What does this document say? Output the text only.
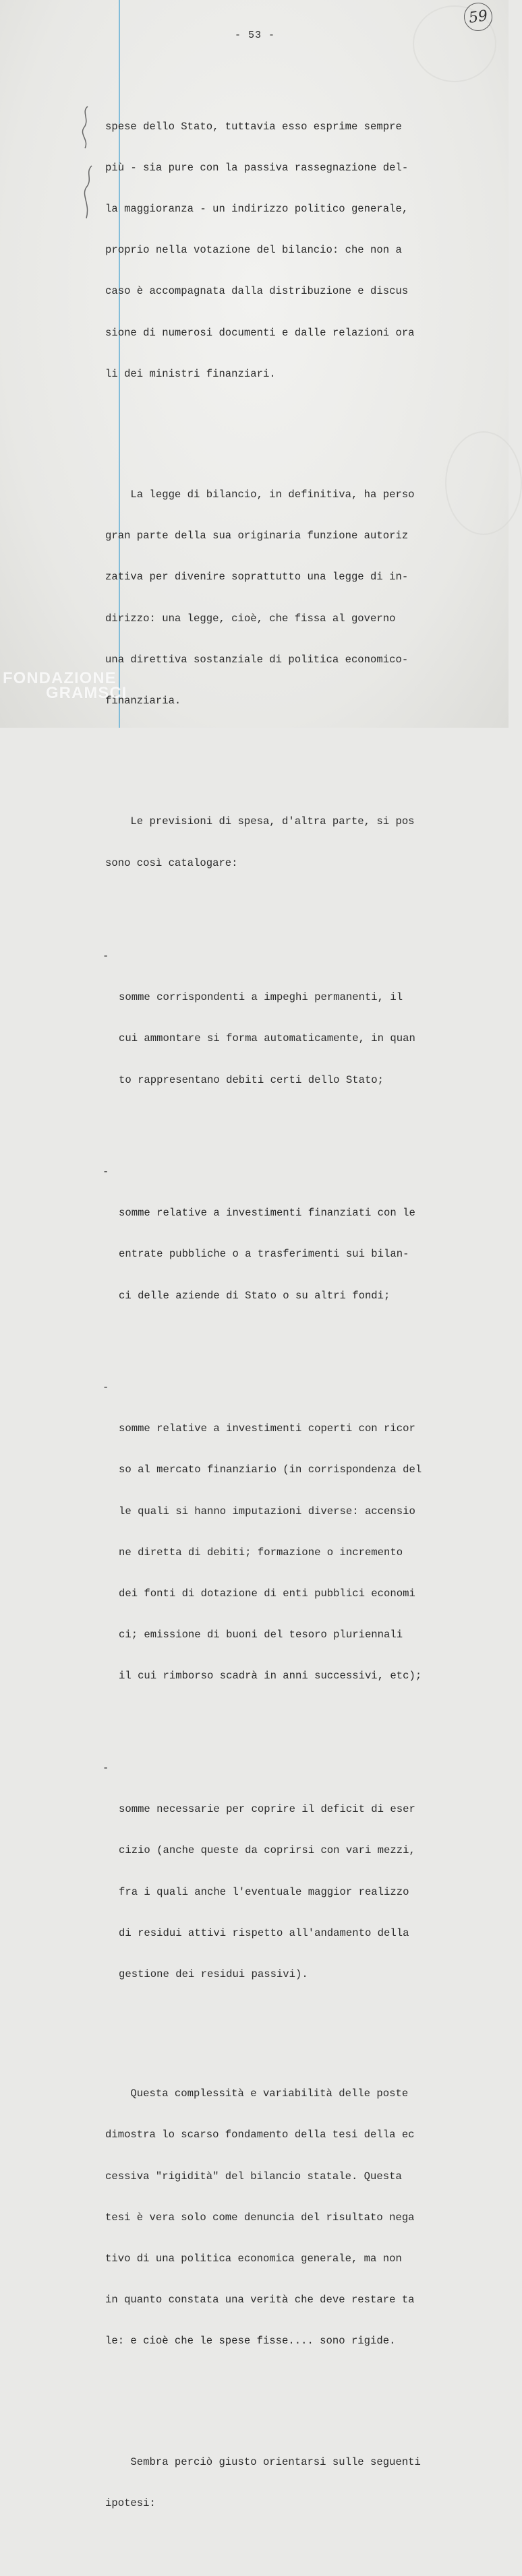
- 53 -
59

spese dello Stato, tuttavia esso esprime sempre

più - sia pure con la passiva rassegnazione del-

la maggioranza - un indirizzo politico generale,

proprio nella votazione del bilancio: che non a

caso è accompagnata dalla distribuzione e discus

sione di numerosi documenti e dalle relazioni ora

li dei ministri finanziari.

La legge di bilancio, in definitiva, ha perso

gran parte della sua originaria funzione autoriz

zativa per divenire soprattutto una legge di in-

dirizzo: una legge, cioè, che fissa al governo

una direttiva sostanziale di politica economico-

finanziaria.

Le previsioni di spesa, d'altra parte, si pos

sono così catalogare:

-

somme corrispondenti a impeghi permanenti, il

cui ammontare si forma automaticamente, in quan

to rappresentano debiti certi dello Stato;

-

somme relative a investimenti finanziati con le

entrate pubbliche o a trasferimenti sui bilan-

ci delle aziende di Stato o su altri fondi;

-

somme relative a investimenti coperti con ricor

so al mercato finanziario (in corrispondenza del

le quali si hanno imputazioni diverse: accensio

ne diretta di debiti; formazione o incremento

dei fonti di dotazione di enti pubblici economi

ci; emissione di buoni del tesoro pluriennali

il cui rimborso scadrà in anni successivi, etc);

-

somme necessarie per coprire il deficit di eser

cizio (anche queste da coprirsi con vari mezzi,

fra i quali anche l'eventuale maggior realizzo

di residui attivi rispetto all'andamento della

gestione dei residui passivi).

Questa complessità e variabilità delle poste

dimostra lo scarso fondamento della tesi della ec

cessiva "rigidità" del bilancio statale. Questa

tesi è vera solo come denuncia del risultato nega

tivo di una politica economica generale, ma non

in quanto constata una verità che deve restare ta

le: e cioè che le spese fisse.... sono rigide.

Sembra perciò giusto orientarsi sulle seguenti

ipotesi:

FONDAZIONE
GRAMSCI
